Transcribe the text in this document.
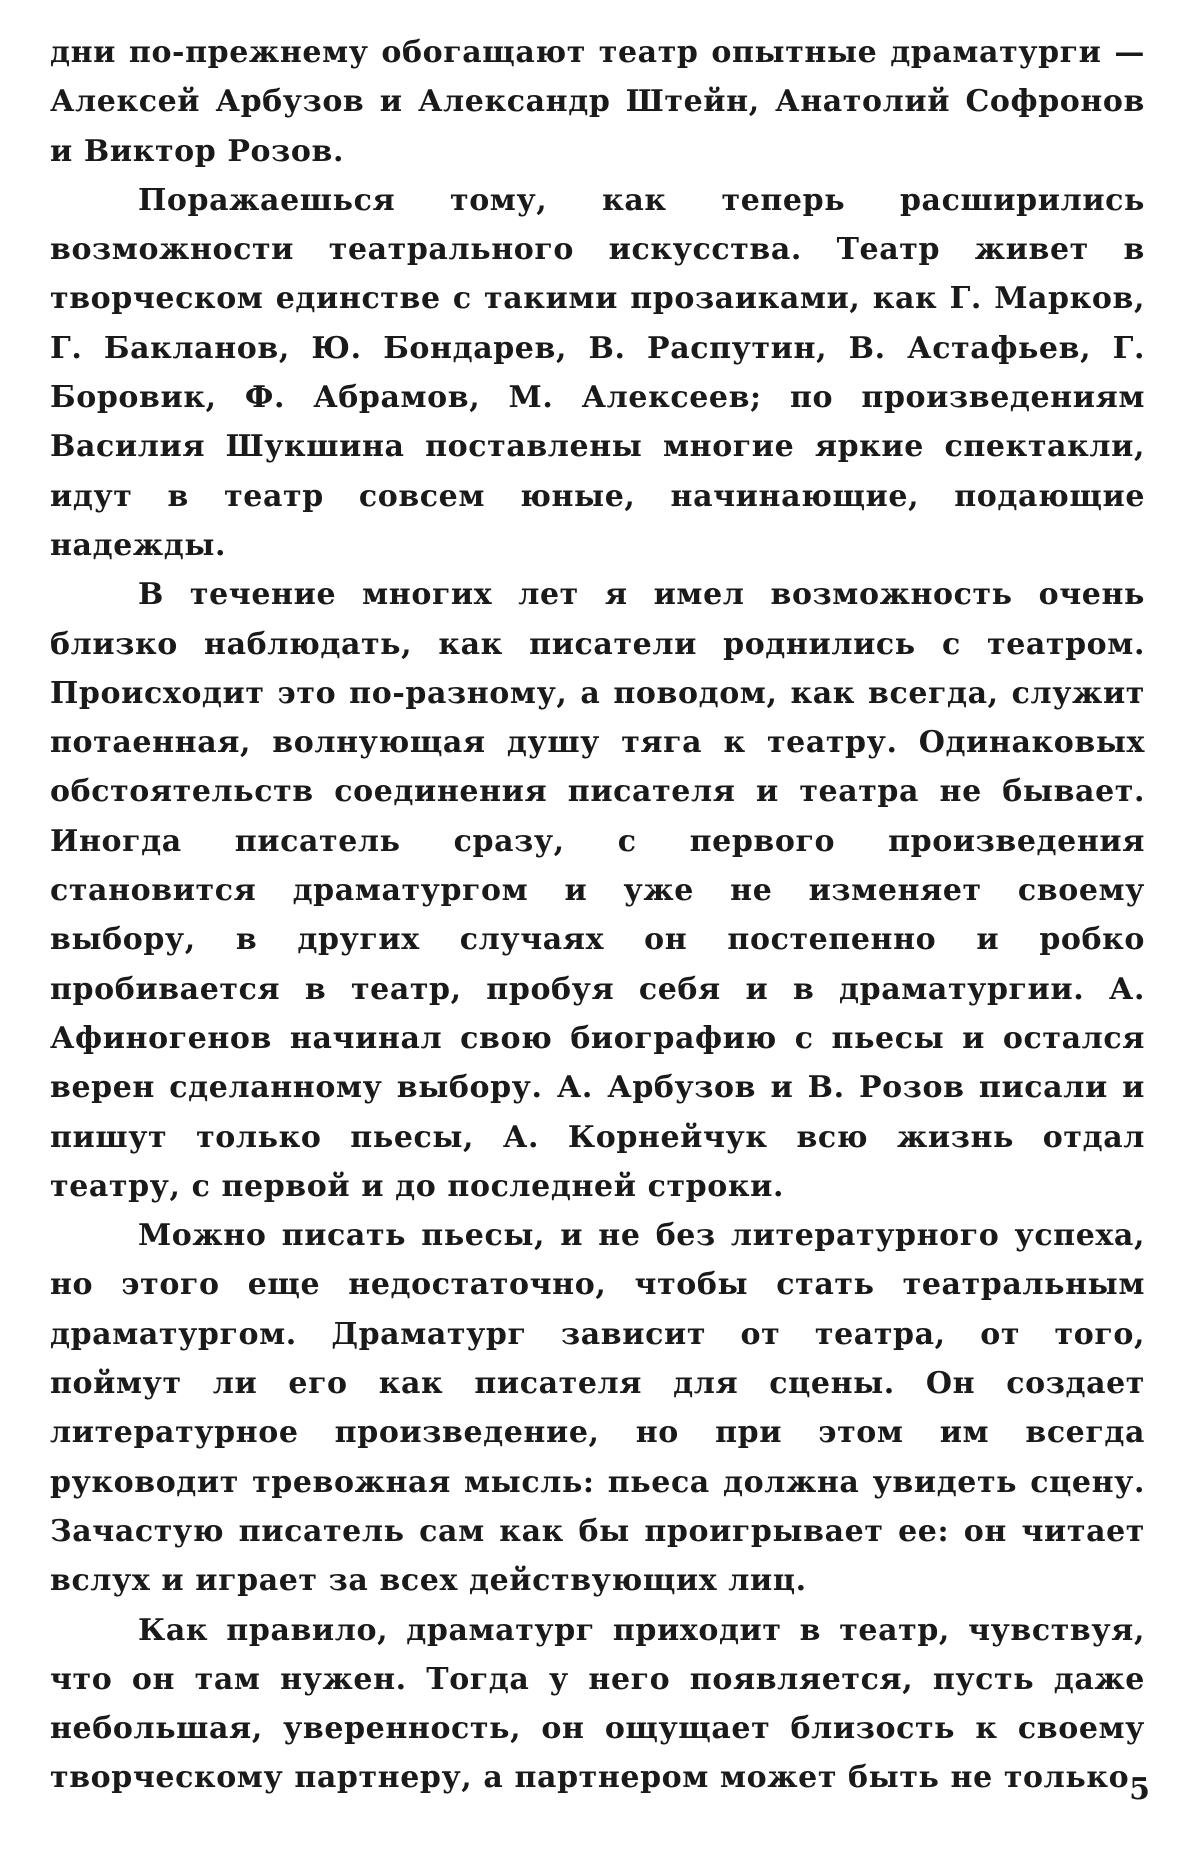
дни по-прежнему обогащают театр опытные драматурги — Алексей Арбузов и Александр Штейн, Анатолий Софронов и Виктор Розов.

Поражаешься тому, как теперь расширились возможности театрального искусства. Театр живет в творческом единстве с такими прозаиками, как Г. Марков, Г. Бакланов, Ю. Бондарев, В. Распутин, В. Астафьев, Г. Боровик, Ф. Абрамов, М. Алексеев; по произведениям Василия Шукшина поставлены многие яркие спектакли, идут в театр совсем юные, начинающие, подающие надежды.

В течение многих лет я имел возможность очень близко наблюдать, как писатели роднились с театром. Происходит это по-разному, а поводом, как всегда, служит потаенная, волнующая душу тяга к театру. Одинаковых обстоятельств соединения писателя и театра не бывает. Иногда писатель сразу, с первого произведения становится драматургом и уже не изменяет своему выбору, в других случаях он постепенно и робко пробивается в театр, пробуя себя и в драматургии. А. Афиногенов начинал свою биографию с пьесы и остался верен сделанному выбору. А. Арбузов и В. Розов писали и пишут только пьесы, А. Корнейчук всю жизнь отдал театру, с первой и до последней строки.

Можно писать пьесы, и не без литературного успеха, но этого еще недостаточно, чтобы стать театральным драматургом. Драматург зависит от театра, от того, поймут ли его как писателя для сцены. Он создает литературное произведение, но при этом им всегда руководит тревожная мысль: пьеса должна увидеть сцену. Зачастую писатель сам как бы проигрывает ее: он читает вслух и играет за всех действующих лиц.

Как правило, драматург приходит в театр, чувствуя, что он там нужен. Тогда у него появляется, пусть даже небольшая, уверенность, он ощущает близость к своему творческому партнеру, а партнером может быть не только 5
